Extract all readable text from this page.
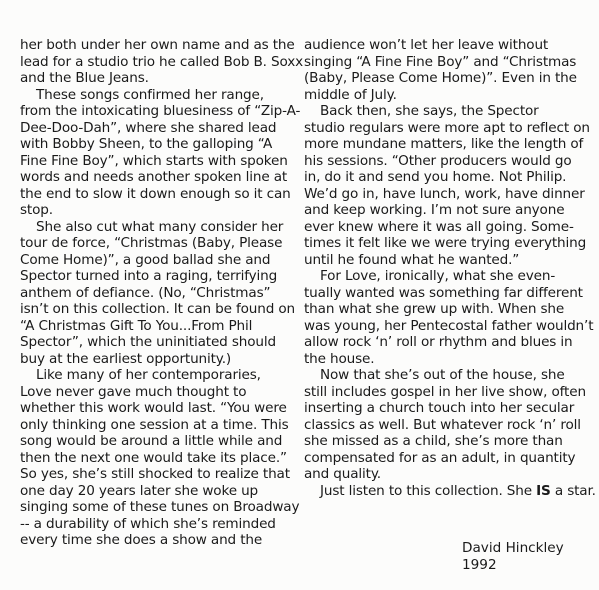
her both under her own name and as the
lead for a studio trio he called Bob B. Soxx
and the Blue Jeans.
These songs confirmed her range,
from the intoxicating bluesiness of “Zip-A-
Dee-Doo-Dah”, where she shared lead
with Bobby Sheen, to the galloping “A
Fine Fine Boy”, which starts with spoken
words and needs another spoken line at
the end to slow it down enough so it can
stop.
She also cut what many consider her
tour de force, “Christmas (Baby, Please
Come Home)”, a good ballad she and
Spector turned into a raging, terrifying
anthem of defiance. (No, “Christmas”
isn’t on this collection. It can be found on
“A Christmas Gift To You...From Phil
Spector”, which the uninitiated should
buy at the earliest opportunity.)
Like many of her contemporaries,
Love never gave much thought to
whether this work would last. “You were
only thinking one session at a time. This
song would be around a little while and
then the next one would take its place.”
So yes, she’s still shocked to realize that
one day 20 years later she woke up
singing some of these tunes on Broadway
-- a durability of which she’s reminded
every time she does a show and the
audience won’t let her leave without
singing “A Fine Fine Boy” and “Christmas
(Baby, Please Come Home)”. Even in the
middle of July.
Back then, she says, the Spector
studio regulars were more apt to reflect on
more mundane matters, like the length of
his sessions. “Other producers would go
in, do it and send you home. Not Philip.
We’d go in, have lunch, work, have dinner
and keep working. I’m not sure anyone
ever knew where it was all going. Some-
times it felt like we were trying everything
until he found what he wanted.”
For Love, ironically, what she even-
tually wanted was something far different
than what she grew up with. When she
was young, her Pentecostal father wouldn’t
allow rock ‘n’ roll or rhythm and blues in
the house.
Now that she’s out of the house, she
still includes gospel in her live show, often
inserting a church touch into her secular
classics as well. But whatever rock ‘n’ roll
she missed as a child, she’s more than
compensated for as an adult, in quantity
and quality.
Just listen to this collection. She IS a star.
David Hinckley
1992
